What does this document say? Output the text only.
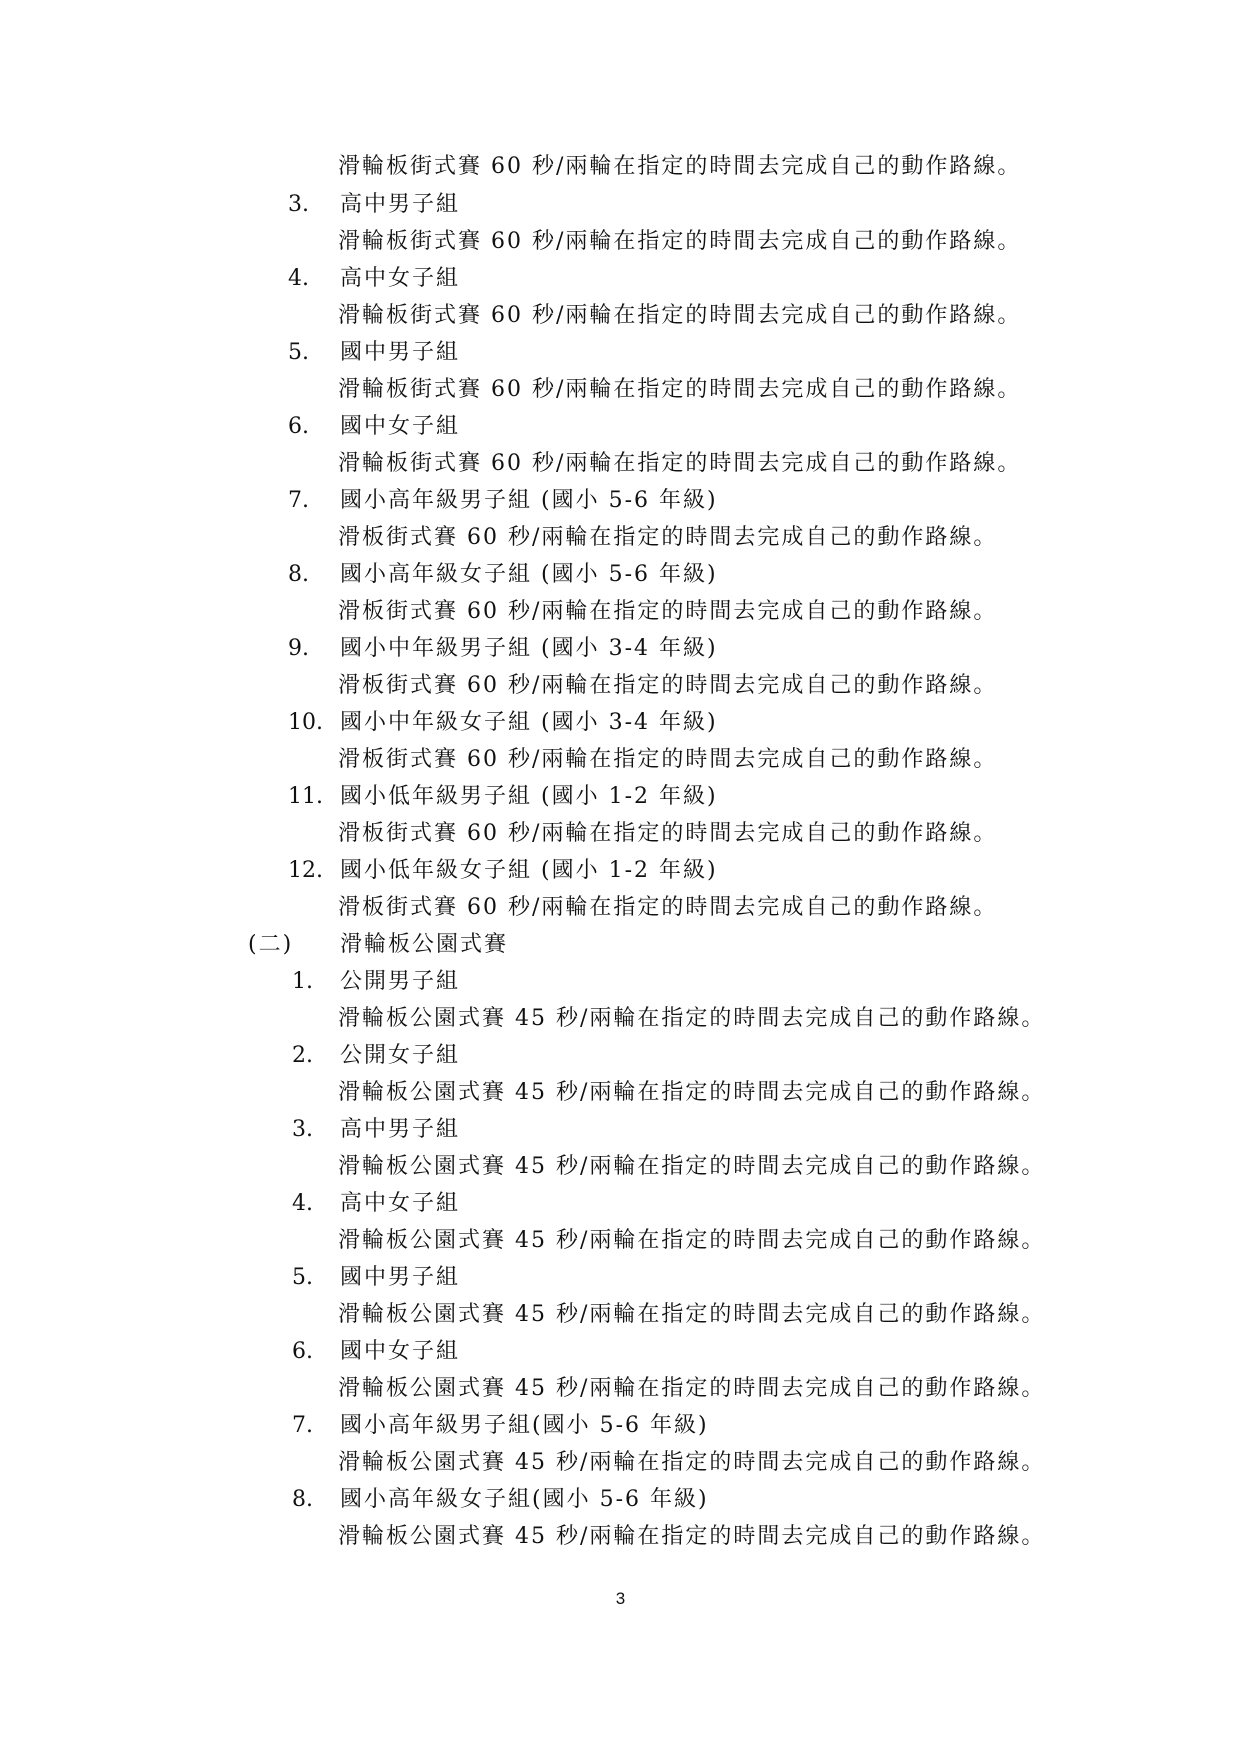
滑輪板街式賽 60 秒/兩輪在指定的時間去完成自己的動作路線。
3. 高中男子組
滑輪板街式賽 60 秒/兩輪在指定的時間去完成自己的動作路線。
4. 高中女子組
滑輪板街式賽 60 秒/兩輪在指定的時間去完成自己的動作路線。
5. 國中男子組
滑輪板街式賽 60 秒/兩輪在指定的時間去完成自己的動作路線。
6. 國中女子組
滑輪板街式賽 60 秒/兩輪在指定的時間去完成自己的動作路線。
7. 國小高年級男子組 (國小 5-6 年級)
滑板街式賽 60 秒/兩輪在指定的時間去完成自己的動作路線。
8. 國小高年級女子組 (國小 5-6 年級)
滑板街式賽 60 秒/兩輪在指定的時間去完成自己的動作路線。
9. 國小中年級男子組 (國小 3-4 年級)
滑板街式賽 60 秒/兩輪在指定的時間去完成自己的動作路線。
10. 國小中年級女子組 (國小 3-4 年級)
滑板街式賽 60 秒/兩輪在指定的時間去完成自己的動作路線。
11. 國小低年級男子組 (國小 1-2 年級)
滑板街式賽 60 秒/兩輪在指定的時間去完成自己的動作路線。
12. 國小低年級女子組 (國小 1-2 年級)
滑板街式賽 60 秒/兩輪在指定的時間去完成自己的動作路線。
(二) 滑輪板公園式賽
1. 公開男子組
滑輪板公園式賽 45 秒/兩輪在指定的時間去完成自己的動作路線。
2. 公開女子組
滑輪板公園式賽 45 秒/兩輪在指定的時間去完成自己的動作路線。
3. 高中男子組
滑輪板公園式賽 45 秒/兩輪在指定的時間去完成自己的動作路線。
4. 高中女子組
滑輪板公園式賽 45 秒/兩輪在指定的時間去完成自己的動作路線。
5. 國中男子組
滑輪板公園式賽 45 秒/兩輪在指定的時間去完成自己的動作路線。
6. 國中女子組
滑輪板公園式賽 45 秒/兩輪在指定的時間去完成自己的動作路線。
7. 國小高年級男子組(國小 5-6 年級)
滑輪板公園式賽 45 秒/兩輪在指定的時間去完成自己的動作路線。
8. 國小高年級女子組(國小 5-6 年級)
滑輪板公園式賽 45 秒/兩輪在指定的時間去完成自己的動作路線。
3
